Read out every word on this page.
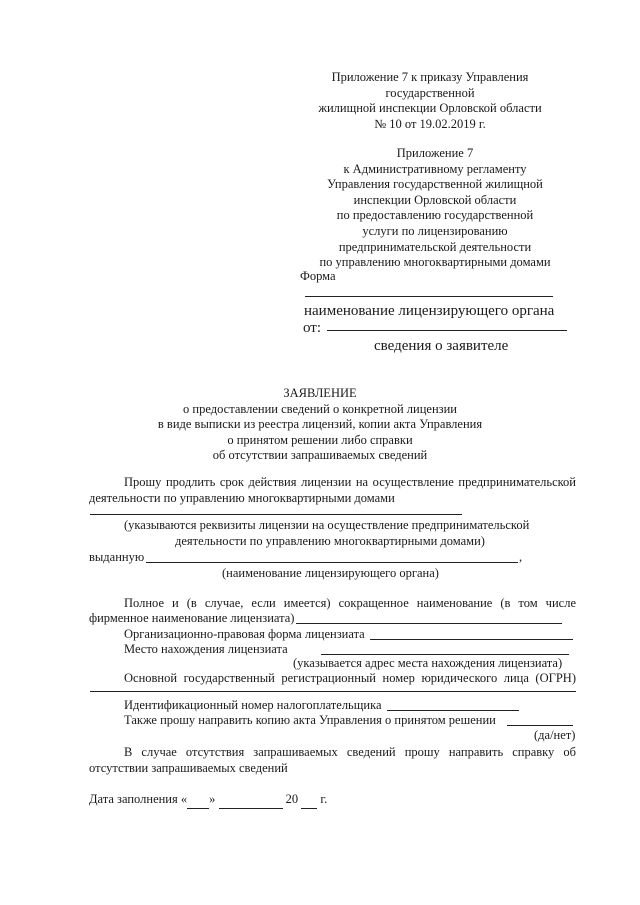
Приложение 7 к приказу Управления
государственной
жилищной инспекции Орловской области
№ 10 от 19.02.2019 г.
Приложение 7
к Административному регламенту
Управления государственной жилищной
инспекции Орловской области
по предоставлению государственной
услуги по лицензированию
предпринимательской деятельности
по управлению многоквартирными домами
Форма
наименование лицензирующего органа
от:
сведения о заявителе
ЗАЯВЛЕНИЕ
о предоставлении сведений о конкретной лицензии
в виде выписки из реестра лицензий, копии акта Управления
о принятом решении либо справки
об отсутствии запрашиваемых сведений
Прошу продлить срок действия лицензии на осуществление предпринимательской
деятельности по управлению многоквартирными домами
(указываются реквизиты лицензии на осуществление предпринимательской
деятельности по управлению многоквартирными домами)
выданную	,
(наименование лицензирующего органа)
Полное и (в случае, если имеется) сокращенное наименование (в том числе
фирменное наименование лицензиата)
Организационно-правовая форма лицензиата
Место нахождения лицензиата
(указывается адрес места нахождения лицензиата)
Основной государственный регистрационный номер юридического лица (ОГРН)
Идентификационный номер налогоплательщика
Также прошу направить копию акта Управления о принятом решении
(да/нет)
В случае отсутствия запрашиваемых сведений прошу направить справку об
отсутствии запрашиваемых сведений
Дата заполнения « »	20 г.
